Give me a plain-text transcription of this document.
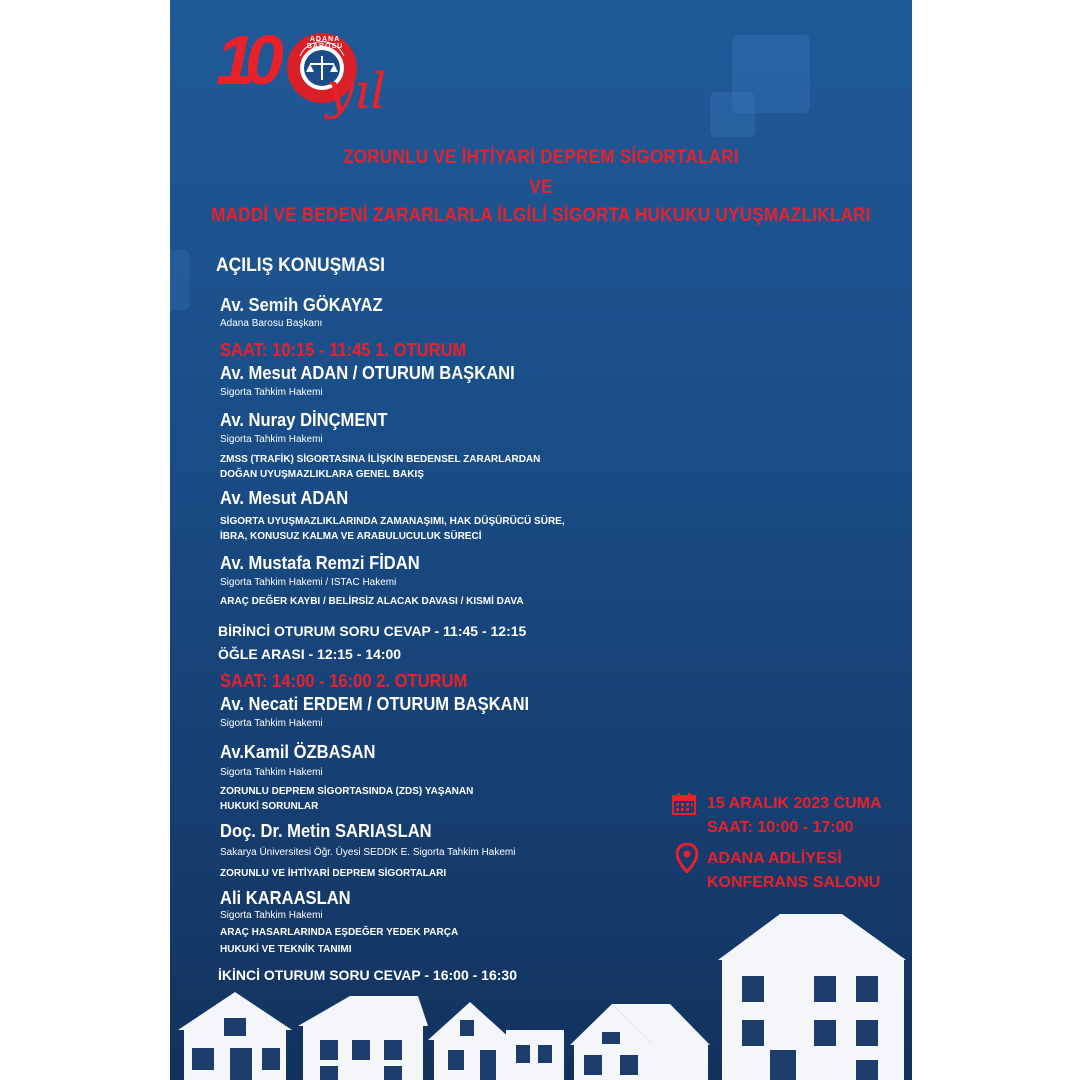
10	ADANA BAROSU
yıl
ZORUNLU VE İHTİYARİ DEPREM SİGORTALARI
VE
MADDİ VE BEDENİ ZARARLARLA İLGİLİ SİGORTA HUKUKU UYUŞMAZLIKLARI
AÇILIŞ KONUŞMASI
Av. Semih GÖKAYAZ
Adana Barosu Başkanı
SAAT: 10:15 - 11:45 1. OTURUM
Av. Mesut ADAN / OTURUM BAŞKANI
Sigorta Tahkim Hakemi
Av. Nuray DİNÇMENT
Sigorta Tahkim Hakemi
ZMSS (TRAFİK) SİGORTASINA İLİŞKİN BEDENSEL ZARARLARDAN
DOĞAN UYUŞMAZLIKLARA GENEL BAKIŞ
Av. Mesut ADAN
SİGORTA UYUŞMAZLIKLARINDA ZAMANAŞIMI, HAK DÜŞÜRÜCÜ SÜRE,
İBRA, KONUSUZ KALMA VE ARABULUCULUK SÜRECİ
Av. Mustafa Remzi FİDAN
Sigorta Tahkim Hakemi / ISTAC Hakemi
ARAÇ DEĞER KAYBI / BELİRSİZ ALACAK DAVASI / KISMİ DAVA
BİRİNCİ OTURUM SORU CEVAP - 11:45 - 12:15
ÖĞLE ARASI - 12:15 - 14:00
SAAT: 14:00 - 16:00 2. OTURUM
Av. Necati ERDEM / OTURUM BAŞKANI
Sigorta Tahkim Hakemi
Av.Kamil ÖZBASAN
Sigorta Tahkim Hakemi
ZORUNLU DEPREM SİGORTASINDA (ZDS) YAŞANAN
HUKUKİ SORUNLAR
Doç. Dr. Metin SARIASLAN
Sakarya Üniversitesi Öğr. Üyesi SEDDK E. Sigorta Tahkim Hakemi
ZORUNLU VE İHTİYARİ DEPREM SİGORTALARI
Ali KARAASLAN
Sigorta Tahkim Hakemi
ARAÇ HASARLARINDA EŞDEĞER YEDEK PARÇA
HUKUKİ VE TEKNİK TANIMI
İKİNCİ OTURUM SORU CEVAP - 16:00 - 16:30
15 ARALIK 2023 CUMA
SAAT: 10:00 - 17:00
ADANA ADLİYESİ
KONFERANS SALONU
